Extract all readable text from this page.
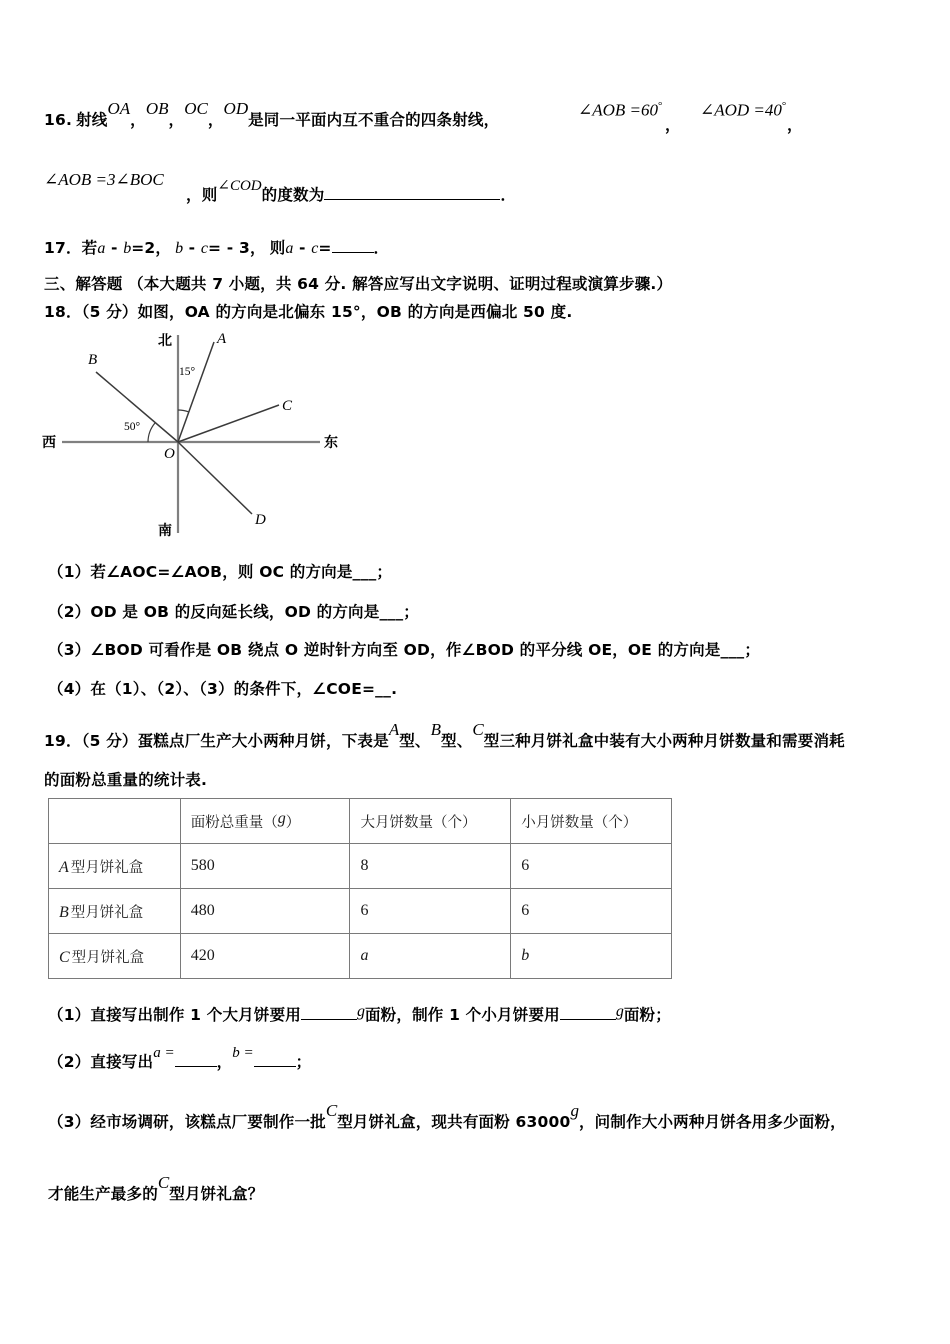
16. 射线OA，OB，OC，OD是同一平面内互不重合的四条射线，
∠AOB =60°
，
∠AOD =40°
，
∠AOB =3∠BOC
，则∠COD的度数为	．
17．若a - b=2， b - c= - 3， 则a - c=	．
三、解答题 （本大题共 7 小题，共 64 分. 解答应写出文字说明、证明过程或演算步骤.）
18．（5 分）如图，OA 的方向是北偏东 15°，OB 的方向是西偏北 50 度.
北
南
东
西
A
B
C
D
O
15°
50°
（1）若∠AOC=∠AOB，则 OC 的方向是___；
（2）OD 是 OB 的反向延长线，OD 的方向是___；
（3）∠BOD 可看作是 OB 绕点 O 逆时针方向至 OD，作∠BOD 的平分线 OE，OE 的方向是___；
（4）在（1）、（2）、（3）的条件下，∠COE=__.
19．（5 分）蛋糕点厂生产大小两种月饼，下表是A型、B型、C型三种月饼礼盒中装有大小两种月饼数量和需要消耗
的面粉总重量的统计表.
	面粉总重量（g）	大月饼数量（个）	小月饼数量（个）
A 型月饼礼盒	580	8	6
B 型月饼礼盒	480	6	6
C 型月饼礼盒	420	a	b
（1）直接写出制作 1 个大月饼要用	g面粉，制作 1 个小月饼要用	g面粉；
（2）直接写出a =	，b =	；
（3）经市场调研，该糕点厂要制作一批C型月饼礼盒，现共有面粉 63000g，问制作大小两种月饼各用多少面粉，
才能生产最多的C型月饼礼盒？
